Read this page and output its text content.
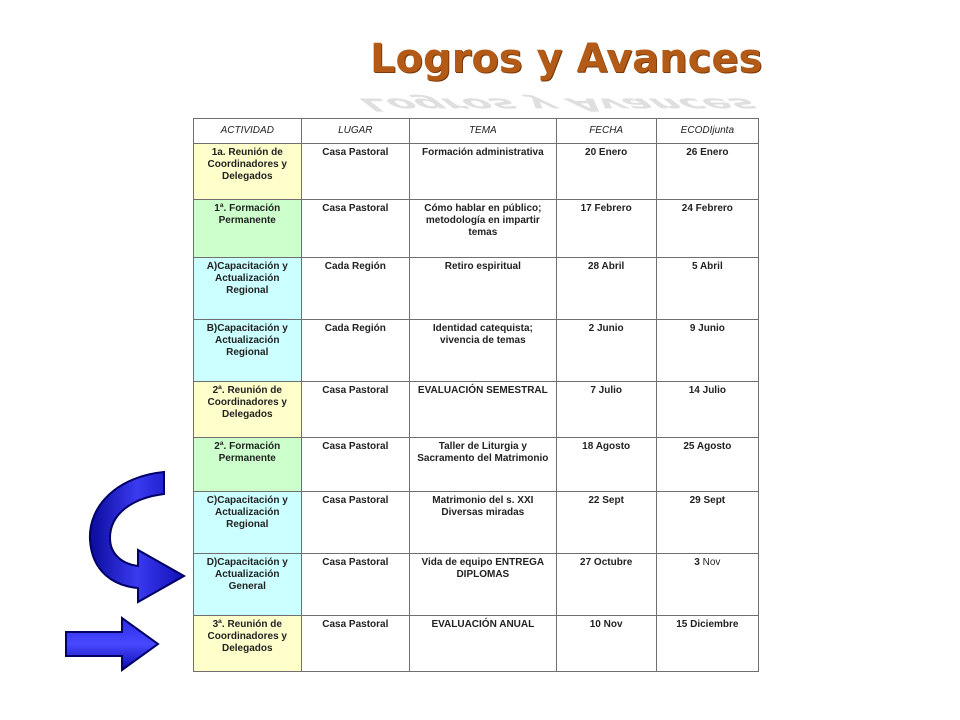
Logros y Avances
Logros y Avances
ACTIVIDAD	LUGAR	TEMA	FECHA	ECODIjunta
1a. Reunión de Coordinadores y Delegados	Casa Pastoral	Formación administrativa	20 Enero	26 Enero
1ª. Formación Permanente	Casa Pastoral	Cómo hablar en público; metodología en impartir temas	17 Febrero	24 Febrero
A)Capacitación y Actualización Regional	Cada Región	Retiro espiritual	28 Abril	5 Abril
B)Capacitación y Actualización Regional	Cada Región	Identidad catequista; vivencia de temas	2 Junio	9 Junio
2ª. Reunión de Coordinadores y Delegados	Casa Pastoral	EVALUACIÓN SEMESTRAL	7 Julio	14 Julio
2ª. Formación Permanente	Casa Pastoral	Taller de Liturgia y Sacramento del Matrimonio	18 Agosto	25 Agosto
C)Capacitación y Actualización Regional	Casa Pastoral	Matrimonio del s. XXI Diversas miradas	22 Sept	29 Sept
D)Capacitación y Actualización General	Casa Pastoral	Vida de equipo ENTREGA DIPLOMAS	27 Octubre	3 Nov
3ª. Reunión de Coordinadores y Delegados	Casa Pastoral	EVALUACIÓN ANUAL	10 Nov	15 Diciembre
